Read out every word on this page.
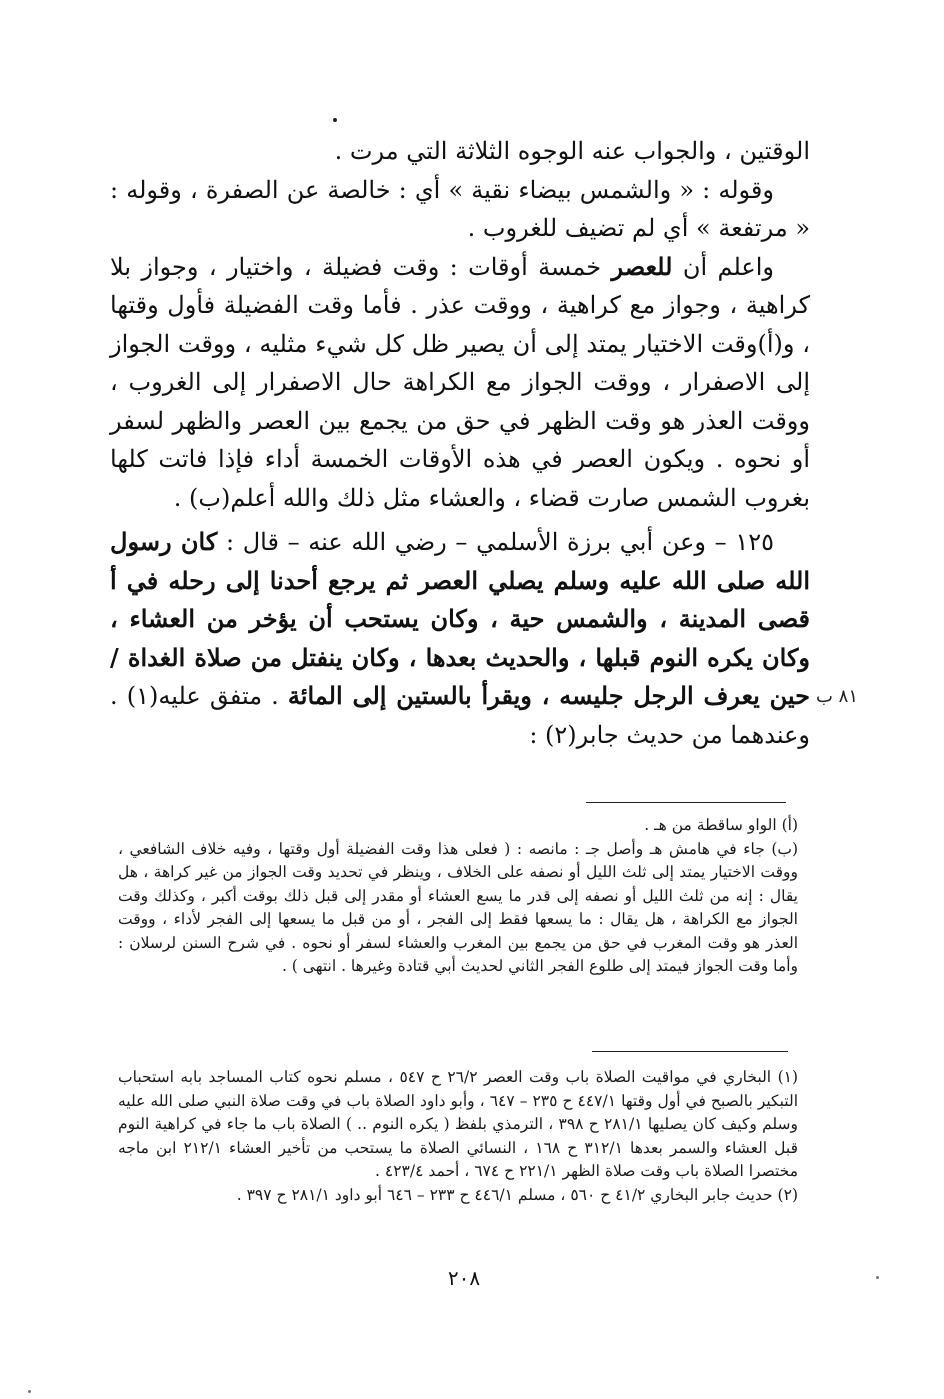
الوقتين ، والجواب عنه الوجوه الثلاثة التي مرت .

وقوله : « والشمس بيضاء نقية » أي : خالصة عن الصفرة ، وقوله : « مرتفعة » أي لم تضيف للغروب .

واعلم أن للعصر خمسة أوقات : وقت فضيلة ، واختيار ، وجواز بلا كراهية ، وجواز مع كراهية ، ووقت عذر . فأما وقت الفضيلة فأول وقتها ، و(أ)وقت الاختيار يمتد إلى أن يصير ظل كل شيء مثليه ، ووقت الجواز إلى الاصفرار ، ووقت الجواز مع الكراهة حال الاصفرار إلى الغروب ، ووقت العذر هو وقت الظهر في حق من يجمع بين العصر والظهر لسفر أو نحوه . ويكون العصر في هذه الأوقات الخمسة أداء فإذا فاتت كلها بغروب الشمس صارت قضاء ، والعشاء مثل ذلك والله أعلم(ب) .

١٢٥ – وعن أبي برزة الأسلمي – رضي الله عنه – قال : كان رسول الله صلى الله عليه وسلم يصلي العصر ثم يرجع أحدنا إلى رحله في أ قصى المدينة ، والشمس حية ، وكان يستحب أن يؤخر من العشاء ، وكان يكره النوم قبلها ، والحديث بعدها ، وكان ينفتل من صلاة الغداة / حين يعرف الرجل جليسه ، ويقرأ بالستين إلى المائة . متفق عليه(١) . وعندهما من حديث جابر(٢) :

٨١ ب

(أ) الواو ساقطة من هـ .

(ب) جاء في هامش هـ وأصل جـ : مانصه : ( فعلى هذا وقت الفضيلة أول وقتها ، وفيه خلاف الشافعي ، ووقت الاختيار يمتد إلى ثلث الليل أو نصفه على الخلاف ، وينظر في تحديد وقت الجواز من غير كراهة ، هل يقال : إنه من ثلث الليل أو نصفه إلى قدر ما يسع العشاء أو مقدر إلى قبل ذلك بوقت أكبر ، وكذلك وقت الجواز مع الكراهة ، هل يقال : ما يسعها فقط إلى الفجر ، أو من قبل ما يسعها إلى الفجر لأداء ، ووقت العذر هو وقت المغرب في حق من يجمع بين المغرب والعشاء لسفر أو نحوه . في شرح السنن لرسلان : وأما وقت الجواز فيمتد إلى طلوع الفجر الثاني لحديث أبي قتادة وغيرها . انتهى ) .

(١) البخاري في مواقيت الصلاة باب وقت العصر ٢٦/٢ ح ٥٤٧ ، مسلم نحوه كتاب المساجد بابه استحباب التبكير بالصبح في أول وقتها ٤٤٧/١ ح ٢٣٥ – ٦٤٧ ، وأبو داود الصلاة باب في وقت صلاة النبي صلى الله عليه وسلم وكيف كان يصليها ٢٨١/١ ح ٣٩٨ ، الترمذي بلفظ ( يكره النوم .. ) الصلاة باب ما جاء في كراهية النوم قبل العشاء والسمر بعدها ٣١٢/١ ح ١٦٨ ، النسائي الصلاة ما يستحب من تأخير العشاء ٢١٢/١ ابن ماجه مختصرا الصلاة باب وقت صلاة الظهر ٢٢١/١ ح ٦٧٤ ، أحمد ٤٢٣/٤ .

(٢) حديث جابر البخاري ٤١/٢ ح ٥٦٠ ، مسلم ٤٤٦/١ ح ٢٣٣ – ٦٤٦ أبو داود ٢٨١/١ ح ٣٩٧ .

٢٠٨
